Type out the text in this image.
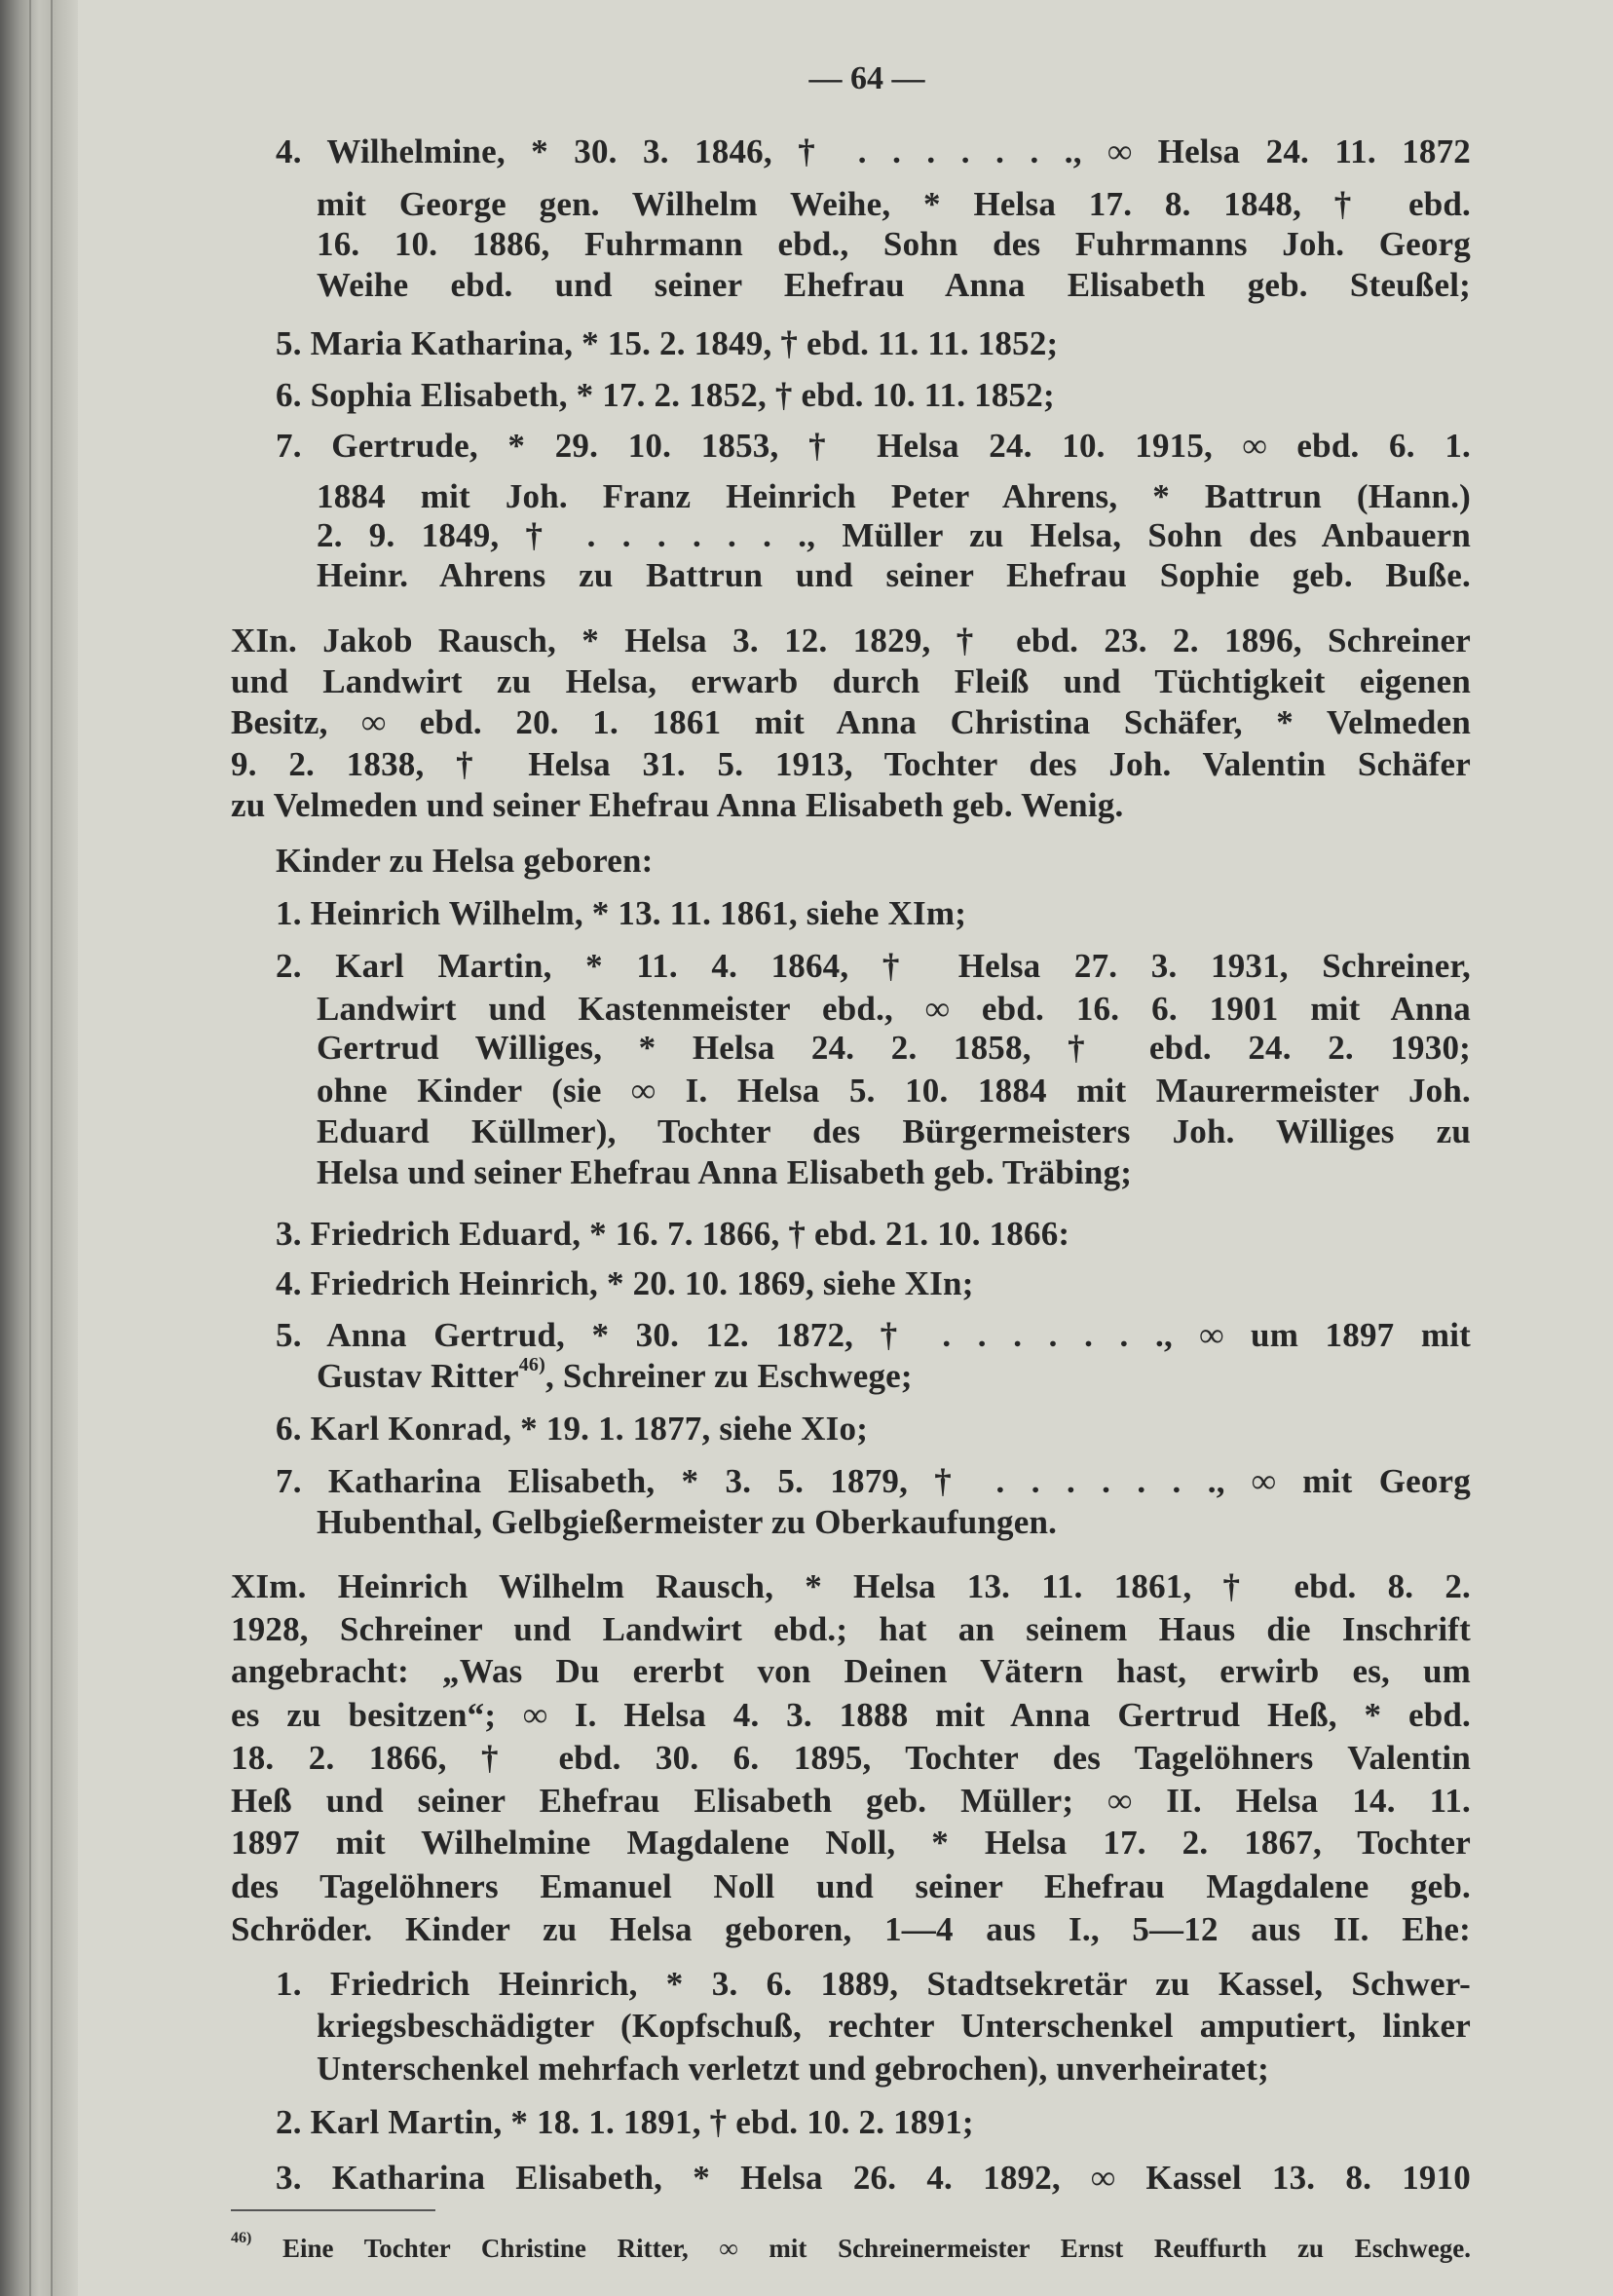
— 64 —
4. Wilhelmine, * 30. 3. 1846, † . . . . . . ., ∞ Helsa 24. 11. 1872
mit George gen. Wilhelm Weihe, * Helsa 17. 8. 1848, † ebd.
16. 10. 1886, Fuhrmann ebd., Sohn des Fuhrmanns Joh. Georg
Weihe ebd. und seiner Ehefrau Anna Elisabeth geb. Steußel;
5. Maria Katharina, * 15. 2. 1849, † ebd. 11. 11. 1852;
6. Sophia Elisabeth, * 17. 2. 1852, † ebd. 10. 11. 1852;
7. Gertrude, * 29. 10. 1853, † Helsa 24. 10. 1915, ∞ ebd. 6. 1.
1884 mit Joh. Franz Heinrich Peter Ahrens, * Battrun (Hann.)
2. 9. 1849, † . . . . . . ., Müller zu Helsa, Sohn des Anbauern
Heinr. Ahrens zu Battrun und seiner Ehefrau Sophie geb. Buße.
XIn. Jakob Rausch, * Helsa 3. 12. 1829, † ebd. 23. 2. 1896, Schreiner
und Landwirt zu Helsa, erwarb durch Fleiß und Tüchtigkeit eigenen
Besitz, ∞ ebd. 20. 1. 1861 mit Anna Christina Schäfer, * Velmeden
9. 2. 1838, † Helsa 31. 5. 1913, Tochter des Joh. Valentin Schäfer
zu Velmeden und seiner Ehefrau Anna Elisabeth geb. Wenig.
Kinder zu Helsa geboren:
1. Heinrich Wilhelm, * 13. 11. 1861, siehe XIm;
2. Karl Martin, * 11. 4. 1864, † Helsa 27. 3. 1931, Schreiner,
Landwirt und Kastenmeister ebd., ∞ ebd. 16. 6. 1901 mit Anna
Gertrud Williges, * Helsa 24. 2. 1858, † ebd. 24. 2. 1930;
ohne Kinder (sie ∞ I. Helsa 5. 10. 1884 mit Maurermeister Joh.
Eduard Küllmer), Tochter des Bürgermeisters Joh. Williges zu
Helsa und seiner Ehefrau Anna Elisabeth geb. Träbing;
3. Friedrich Eduard, * 16. 7. 1866, † ebd. 21. 10. 1866:
4. Friedrich Heinrich, * 20. 10. 1869, siehe XIn;
5. Anna Gertrud, * 30. 12. 1872, † . . . . . . ., ∞ um 1897 mit
Gustav Ritter$^{46)}$, Schreiner zu Eschwege;
6. Karl Konrad, * 19. 1. 1877, siehe XIo;
7. Katharina Elisabeth, * 3. 5. 1879, † . . . . . . ., ∞ mit Georg
Hubenthal, Gelbgießermeister zu Oberkaufungen.
XIm. Heinrich Wilhelm Rausch, * Helsa 13. 11. 1861, † ebd. 8. 2.
1928, Schreiner und Landwirt ebd.; hat an seinem Haus die Inschrift
angebracht: „Was Du ererbt von Deinen Vätern hast, erwirb es, um
es zu besitzen“; ∞ I. Helsa 4. 3. 1888 mit Anna Gertrud Heß, * ebd.
18. 2. 1866, † ebd. 30. 6. 1895, Tochter des Tagelöhners Valentin
Heß und seiner Ehefrau Elisabeth geb. Müller; ∞ II. Helsa 14. 11.
1897 mit Wilhelmine Magdalene Noll, * Helsa 17. 2. 1867, Tochter
des Tagelöhners Emanuel Noll und seiner Ehefrau Magdalene geb.
Schröder. Kinder zu Helsa geboren, 1—4 aus I., 5—12 aus II. Ehe:
1. Friedrich Heinrich, * 3. 6. 1889, Stadtsekretär zu Kassel, Schwer-
kriegsbeschädigter (Kopfschuß, rechter Unterschenkel amputiert, linker
Unterschenkel mehrfach verletzt und gebrochen), unverheiratet;
2. Karl Martin, * 18. 1. 1891, † ebd. 10. 2. 1891;
3. Katharina Elisabeth, * Helsa 26. 4. 1892, ∞ Kassel 13. 8. 1910
$^{46)}$ Eine Tochter Christine Ritter, ∞ mit Schreinermeister Ernst Reuffurth zu Eschwege.
